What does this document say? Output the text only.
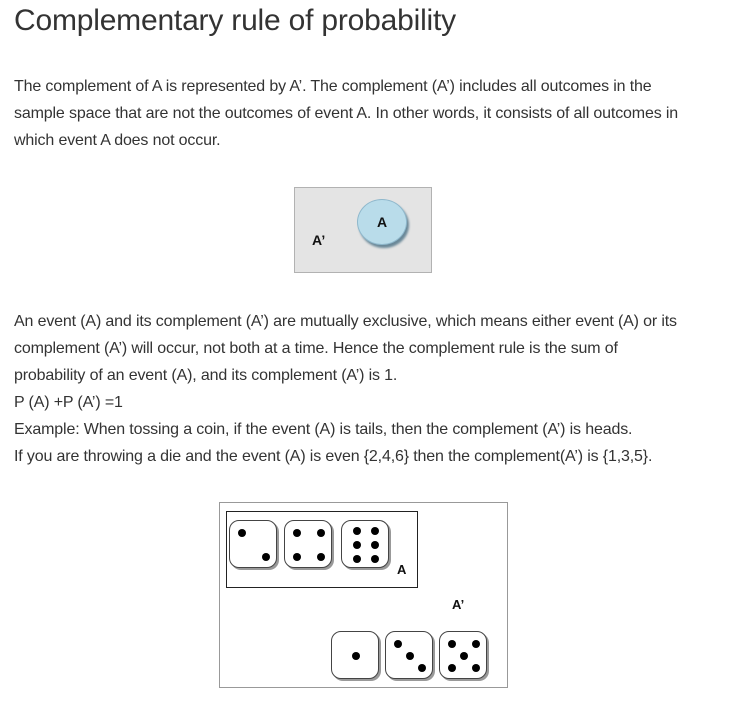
Complementary rule of probability

The complement of A is represented by A’. The complement (A’) includes all outcomes in the
sample space that are not the outcomes of event A. In other words, it consists of all outcomes in
which event A does not occur.

A
A’

An event (A) and its complement (A’) are mutually exclusive, which means either event (A) or its
complement (A’) will occur, not both at a time. Hence the complement rule is the sum of
probability of an event (A), and its complement (A’) is 1.
P (A) +P (A’) =1
Example: When tossing a coin, if the event (A) is tails, then the complement (A’) is heads.
If you are throwing a die and the event (A) is even {2,4,6} then the complement(A’) is {1,3,5}.

A
A’
